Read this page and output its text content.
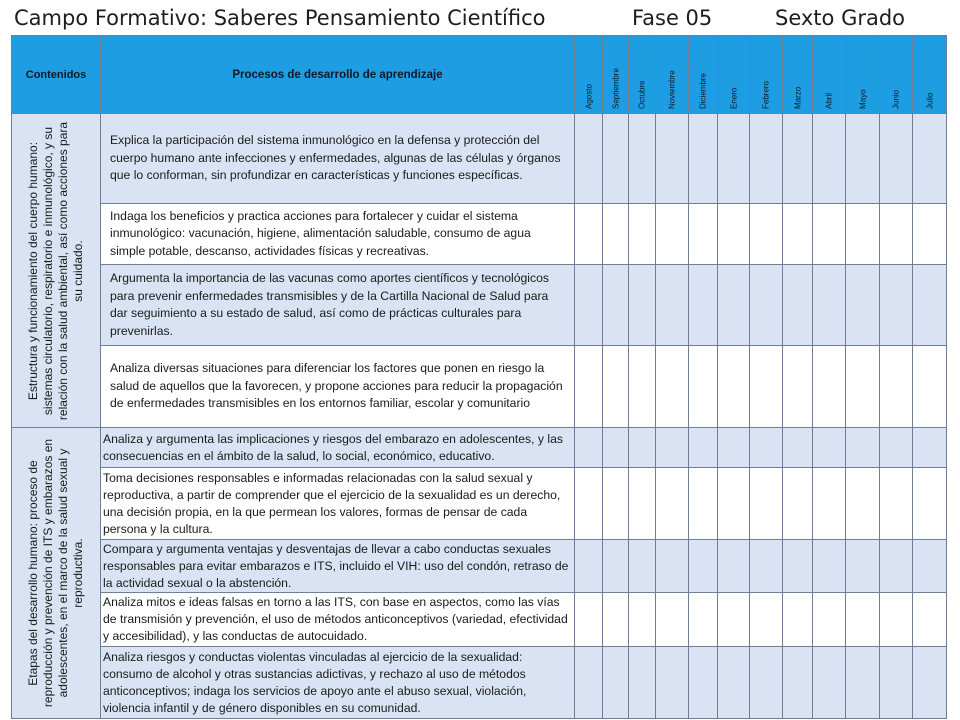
Campo Formativo: Saberes Pensamiento Científico	Fase 05	Sexto Grado
Contenidos	Procesos de desarrollo de aprendizaje	Agosto	Septiembre	Octubre	Noviembre	Diciembre	Enero	Febrero	Marzo	Abril	Mayo	Junio	Julio

Estructura y funcionamiento del cuerpo humano: sistemas circulatorio, respiratorio e inmunológico, y su relación con la salud ambiental, así como acciones para su cuidado.	Explica la participación del sistema inmunológico en la defensa y protección del cuerpo humano ante infecciones y enfermedades, algunas de las células y órganos que lo conforman, sin profundizar en características y funciones específicas.												

	Indaga los beneficios y practica acciones para fortalecer y cuidar el sistema inmunológico: vacunación, higiene, alimentación saludable, consumo de agua simple potable, descanso, actividades físicas y recreativas.												

	Argumenta la importancia de las vacunas como aportes científicos y tecnológicos para prevenir enfermedades transmisibles y de la Cartilla Nacional de Salud para dar seguimiento a su estado de salud, así como de prácticas culturales para prevenirlas.												

	Analiza diversas situaciones para diferenciar los factores que ponen en riesgo la salud de aquellos que la favorecen, y propone acciones para reducir la propagación de enfermedades transmisibles en los entornos familiar, escolar y comunitario												

Etapas del desarrollo humano: proceso de reproducción y prevención de ITS y embarazos en adolescentes, en el marco de la salud sexual y reproductiva.	Analiza y argumenta las implicaciones y riesgos del embarazo en adolescentes, y las consecuencias en el ámbito de la salud, lo social, económico, educativo.												

	Toma decisiones responsables e informadas relacionadas con la salud sexual y reproductiva, a partir de comprender que el ejercicio de la sexualidad es un derecho, una decisión propia, en la que permean los valores, formas de pensar de cada persona y la cultura.												

	Compara y argumenta ventajas y desventajas de llevar a cabo conductas sexuales responsables para evitar embarazos e ITS, incluido el VIH: uso del condón, retraso de la actividad sexual o la abstención.												

	Analiza mitos e ideas falsas en torno a las ITS, con base en aspectos, como las vías de transmisión y prevención, el uso de métodos anticonceptivos (variedad, efectividad y accesibilidad), y las conductas de autocuidado.												

	Analiza riesgos y conductas violentas vinculadas al ejercicio de la sexualidad: consumo de alcohol y otras sustancias adictivas, y rechazo al uso de métodos anticonceptivos; indaga los servicios de apoyo ante el abuso sexual, violación, violencia infantil y de género disponibles en su comunidad.												
